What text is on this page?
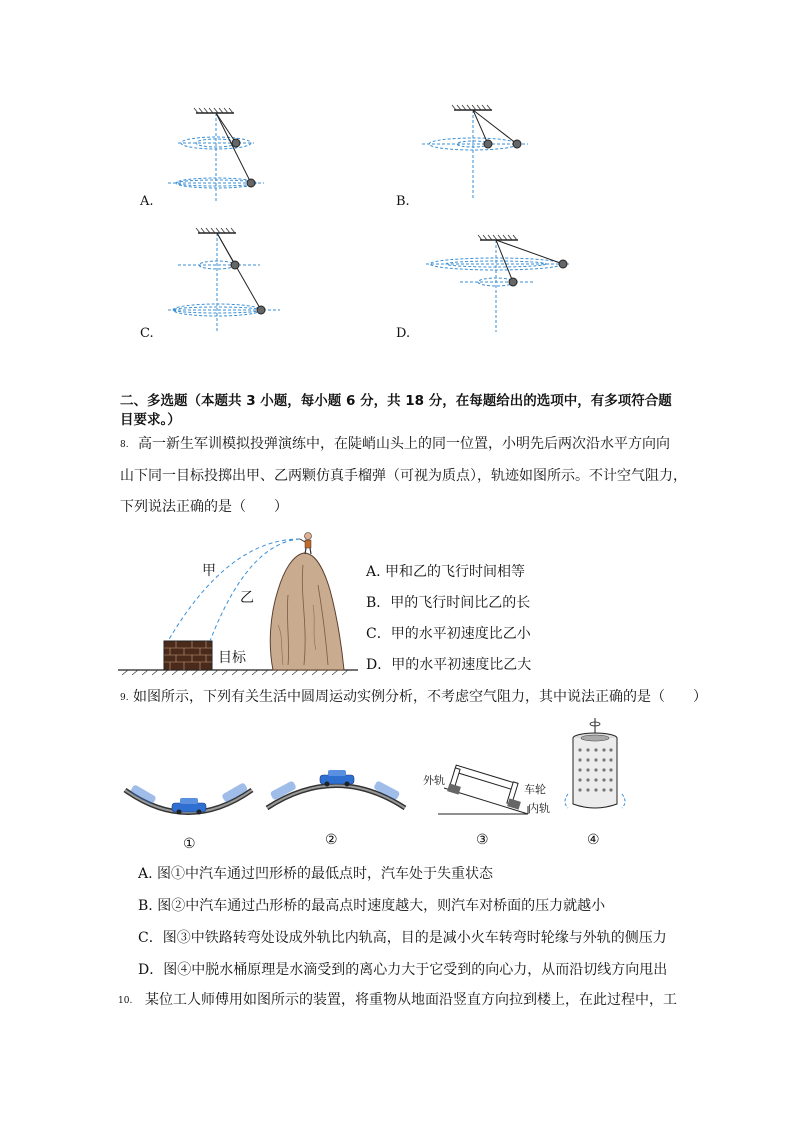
A.	B.
C.	D.
二、多选题（本题共 3 小题，每小题 6 分，共 18 分，在每题给出的选项中，有多项符合题
目要求。）
8. 高一新生军训模拟投弹演练中，在陡峭山头上的同一位置，小明先后两次沿水平方向向
山下同一目标投掷出甲、乙两颗仿真手榴弹（可视为质点），轨迹如图所示。不计空气阻力，
下列说法正确的是（　　）
甲
乙
目标
A. 甲和乙的飞行时间相等
B．甲的飞行时间比乙的长
C．甲的水平初速度比乙小
D．甲的水平初速度比乙大
9. 如图所示，下列有关生活中圆周运动实例分析，不考虑空气阻力，其中说法正确的是（　　）
外轨
车轮
内轨
①	②	③	④
A. 图①中汽车通过凹形桥的最低点时，汽车处于失重状态
B. 图②中汽车通过凸形桥的最高点时速度越大，则汽车对桥面的压力就越小
C．图③中铁路转弯处设成外轨比内轨高，目的是减小火车转弯时轮缘与外轨的侧压力
D．图④中脱水桶原理是水滴受到的离心力大于它受到的向心力，从而沿切线方向甩出
10. 某位工人师傅用如图所示的装置，将重物从地面沿竖直方向拉到楼上，在此过程中，工
